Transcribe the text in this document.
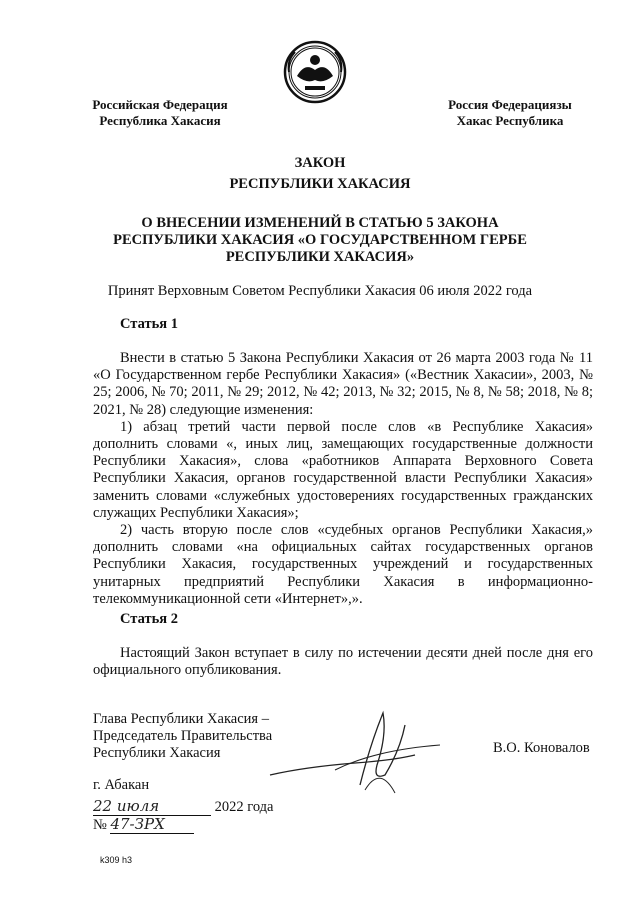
Российская Федерация
Республика Хакасия
Россия Федерациязы
Хакас Республика
ЗАКОН
РЕСПУБЛИКИ ХАКАСИЯ
О ВНЕСЕНИИ ИЗМЕНЕНИЙ В СТАТЬЮ 5 ЗАКОНА
РЕСПУБЛИКИ ХАКАСИЯ «О ГОСУДАРСТВЕННОМ ГЕРБЕ
РЕСПУБЛИКИ ХАКАСИЯ»
Принят Верховным Советом Республики Хакасия 06 июля 2022 года
Статья 1

Внести в статью 5 Закона Республики Хакасия от 26 марта 2003 года № 11 «О Государственном гербе Республики Хакасия» («Вестник Хакасии», 2003, № 25; 2006, № 70; 2011, № 29; 2012, № 42; 2013, № 32; 2015, № 8, № 58; 2018, № 8; 2021, № 28) следующие изменения:

1) абзац третий части первой после слов «в Республике Хакасия» дополнить словами «, иных лиц, замещающих государственные должности Республики Хакасия», слова «работников Аппарата Верховного Совета Республики Хакасия, органов государственной власти Республики Хакасия» заменить словами «служебных удостоверениях государственных гражданских служащих Республики Хакасия»;

2) часть вторую после слов «судебных органов Республики Хакасия,» дополнить словами «на официальных сайтах государственных органов Республики Хакасия, государственных учреждений и государственных унитарных предприятий Республики Хакасия в информационно-телекоммуникационной сети «Интернет»,».

Статья 2

Настоящий Закон вступает в силу по истечении десяти дней после дня его официального опубликования.

Глава Республики Хакасия –
Председатель Правительства
Республики Хакасия	В.О. Коновалов
г. Абакан
22 июля	2022 года
№ 47-ЗРХ
k309 h3
